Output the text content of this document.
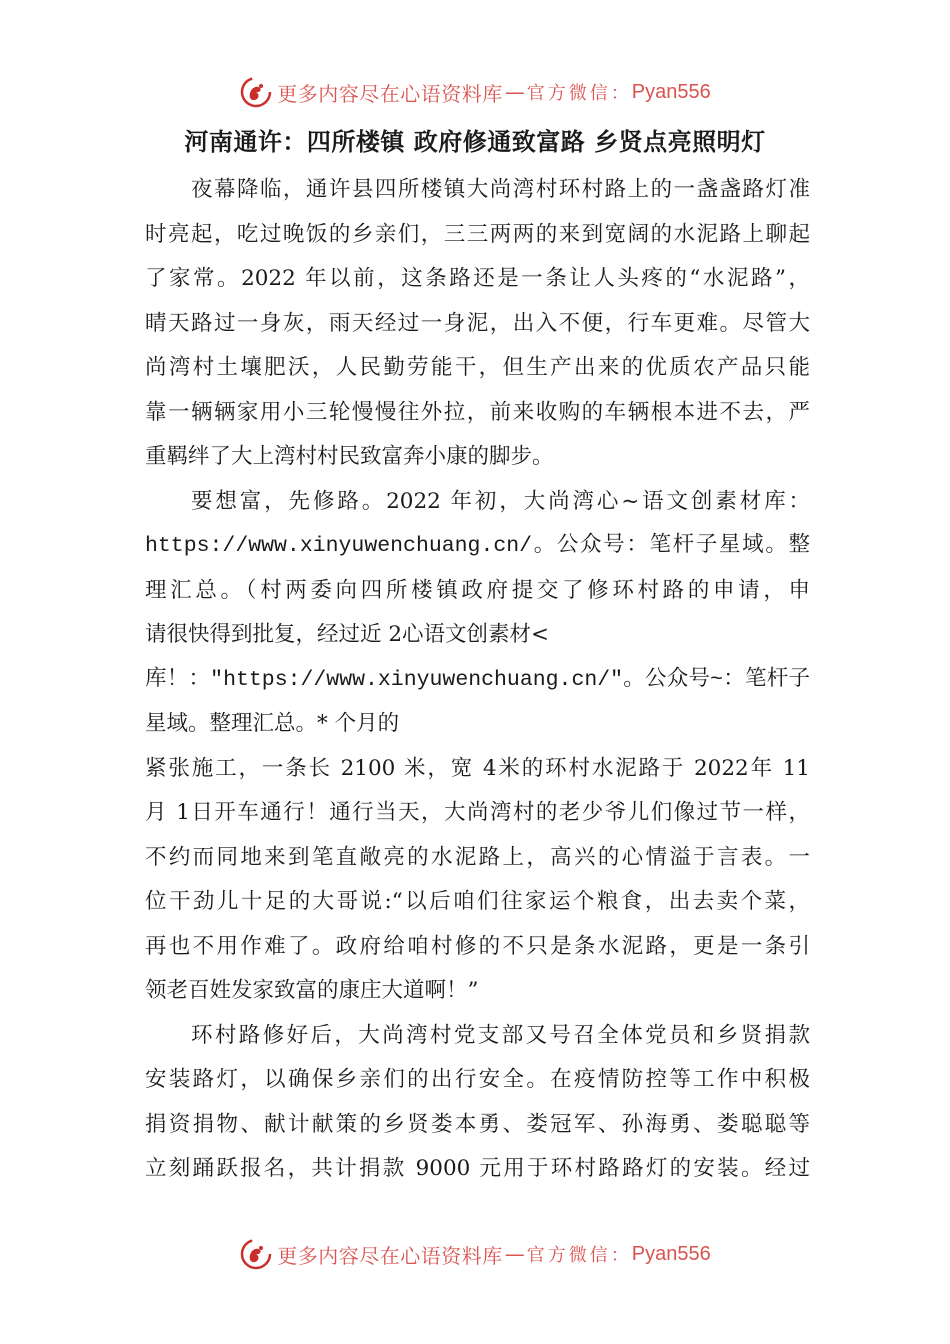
更多内容尽在心语资料库 — 官方微信： Pyan556
河南通许：四所楼镇 政府修通致富路 乡贤点亮照明灯
夜幕降临，通许县四所楼镇大尚湾村环村路上的一盏盏路灯准
时亮起，吃过晚饭的乡亲们，三三两两的来到宽阔的水泥路上聊起
了家常。2022 年以前，这条路还是一条让人头疼的“水泥路”，
晴天路过一身灰，雨天经过一身泥，出入不便，行车更难。尽管大
尚湾村土壤肥沃，人民勤劳能干，但生产出来的优质农产品只能
靠一辆辆家用小三轮慢慢往外拉，前来收购的车辆根本进不去，严
重羁绊了大上湾村村民致富奔小康的脚步。
要想富，先修路。2022 年初，大尚湾心~语文创素材库：
https://www.xinyuwenchuang.cn/。公众号：笔杆子星域。整
理汇总。（村两委向四所楼镇政府提交了修环村路的申请，申
请很快得到批复，经过近 2心语文创素材<
库！："https://www.xinyuwenchuang.cn/"。公众号~：笔杆子
星域。整理汇总。* 个月的
紧张施工，一条长 2100 米，宽 4米的环村水泥路于 2022年 11
月 1日开车通行！通行当天，大尚湾村的老少爷儿们像过节一样，
不约而同地来到笔直敞亮的水泥路上，高兴的心情溢于言表。一
位干劲儿十足的大哥说:“以后咱们往家运个粮食，出去卖个菜，
再也不用作难了。政府给咱村修的不只是条水泥路，更是一条引
领老百姓发家致富的康庄大道啊！”
环村路修好后，大尚湾村党支部又号召全体党员和乡贤捐款
安装路灯，以确保乡亲们的出行安全。在疫情防控等工作中积极
捐资捐物、献计献策的乡贤娄本勇、娄冠军、孙海勇、娄聪聪等
立刻踊跃报名，共计捐款 9000 元用于环村路路灯的安装。经过
更多内容尽在心语资料库 — 官方微信： Pyan556
